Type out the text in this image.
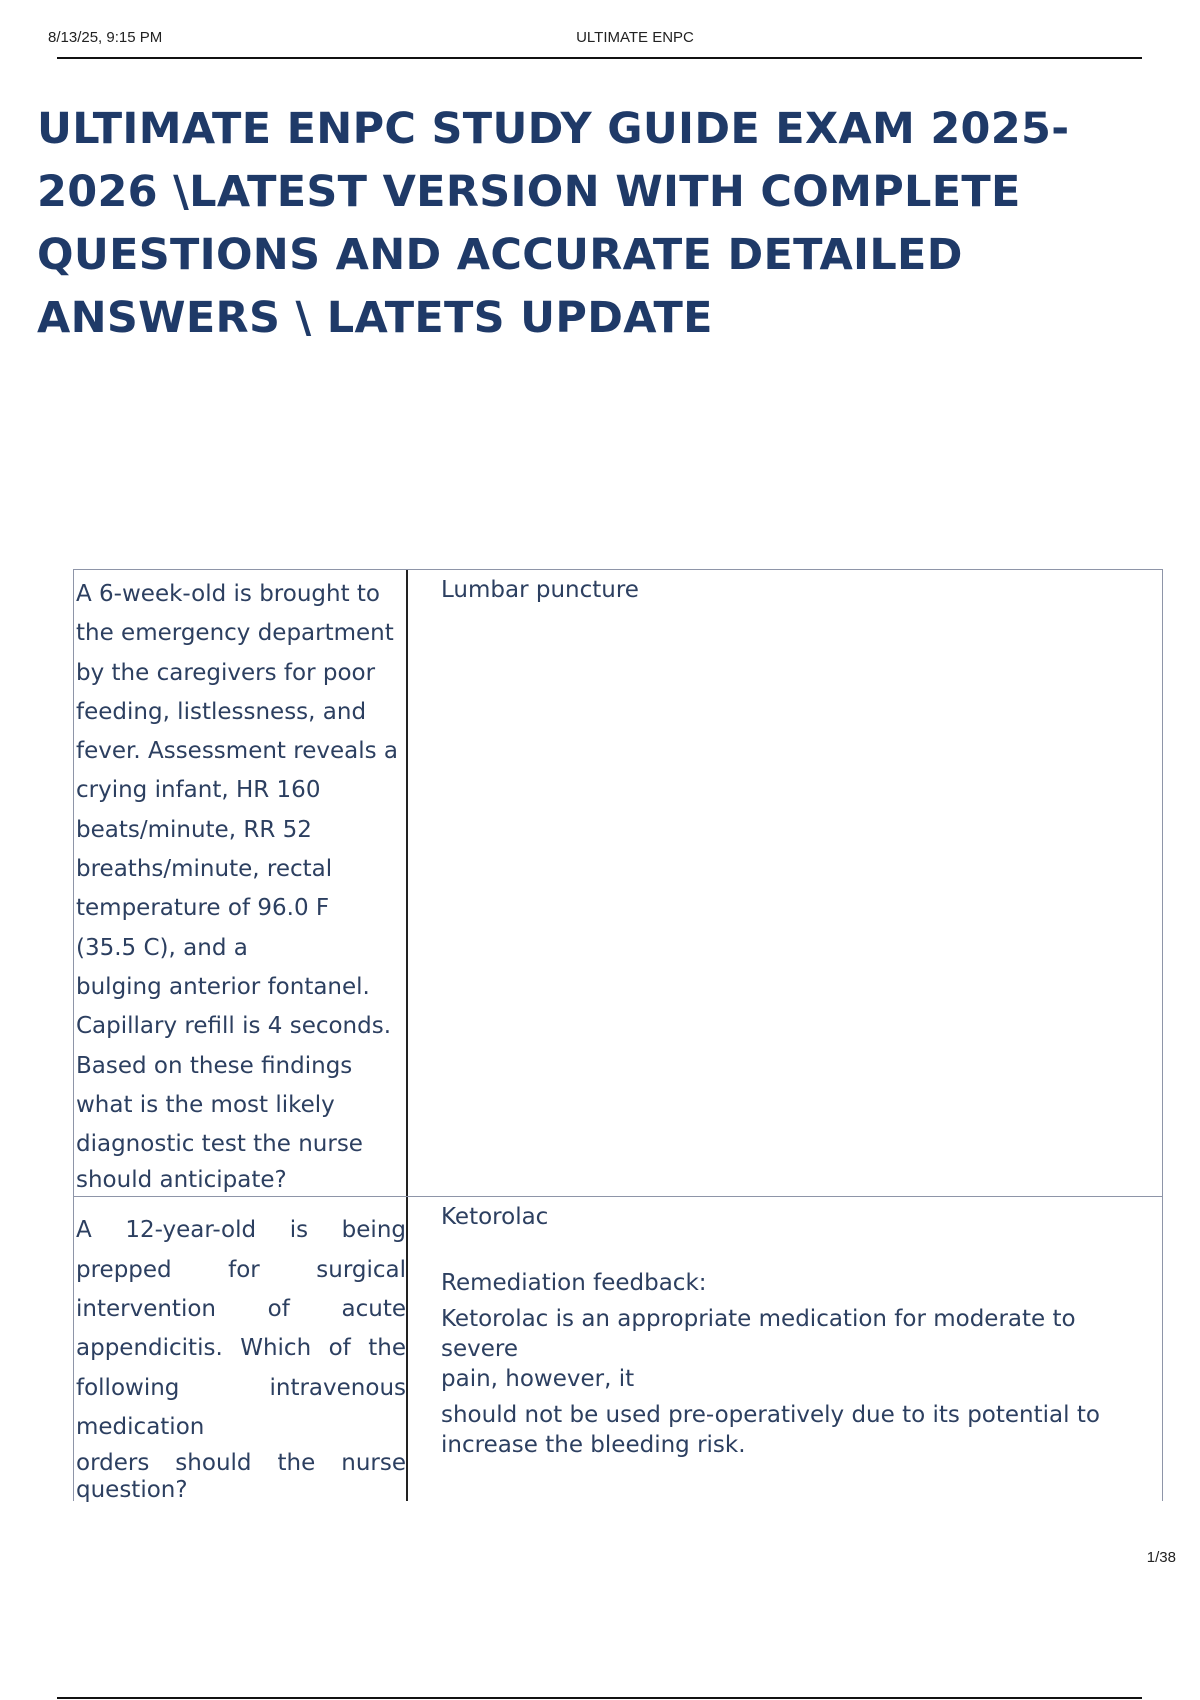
8/13/25, 9:15 PM	ULTIMATE ENPC
ULTIMATE ENPC STUDY GUIDE EXAM 2025-
2026 \LATEST VERSION WITH COMPLETE
QUESTIONS AND ACCURATE DETAILED
ANSWERS \ LATETS UPDATE
A 6-week-old is brought to
the emergency department
by the caregivers for poor
feeding, listlessness, and
fever. Assessment reveals a
crying infant, HR 160
beats/minute, RR 52
breaths/minute, rectal
temperature of 96.0 F
(35.5 C), and a
bulging anterior fontanel.
Capillary refill is 4 seconds.
Based on these findings
what is the most likely
diagnostic test the nurse
should anticipate?
Lumbar puncture
A 12-year-old is being
prepped for surgical
intervention of acute
appendicitis. Which of the
following intravenous
medication
orders should the nurse
question?
Ketorolac
Remediation feedback:
Ketorolac is an appropriate medication for moderate to severe
pain, however, it
should not be used pre-operatively due to its potential to
increase the bleeding risk.
1/38
